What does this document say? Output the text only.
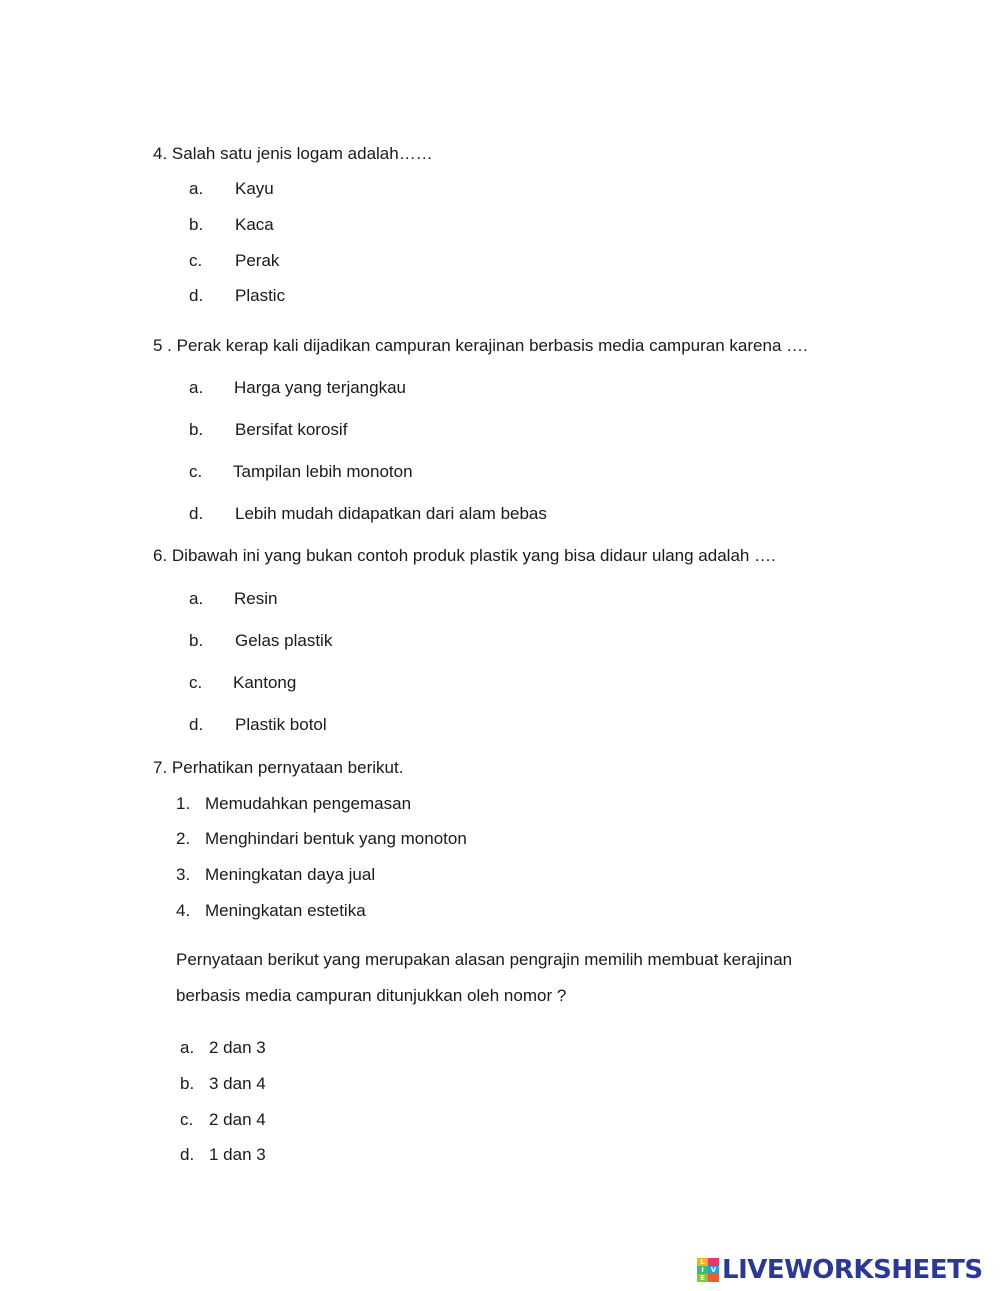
4. Salah satu jenis logam adalah……
a. Kayu
b. Kaca
c. Perak
d. Plastic
5 . Perak kerap kali dijadikan campuran kerajinan berbasis media campuran karena ….
a. Harga yang terjangkau
b. Bersifat korosif
c. Tampilan lebih monoton
d. Lebih mudah didapatkan dari alam bebas
6. Dibawah ini yang bukan contoh produk plastik yang bisa didaur ulang adalah ….
a. Resin
b. Gelas plastik
c. Kantong
d. Plastik botol
7. Perhatikan pernyataan berikut.
1. Memudahkan pengemasan
2. Menghindari bentuk yang monoton
3. Meningkatan daya jual
4. Meningkatan estetika
Pernyataan berikut yang merupakan alasan pengrajin memilih membuat kerajinan
berbasis media campuran ditunjukkan oleh nomor ?
a. 2 dan 3
b. 3 dan 4
c. 2 dan 4
d. 1 dan 3
L
I V
E LIVEWORKSHEETS
